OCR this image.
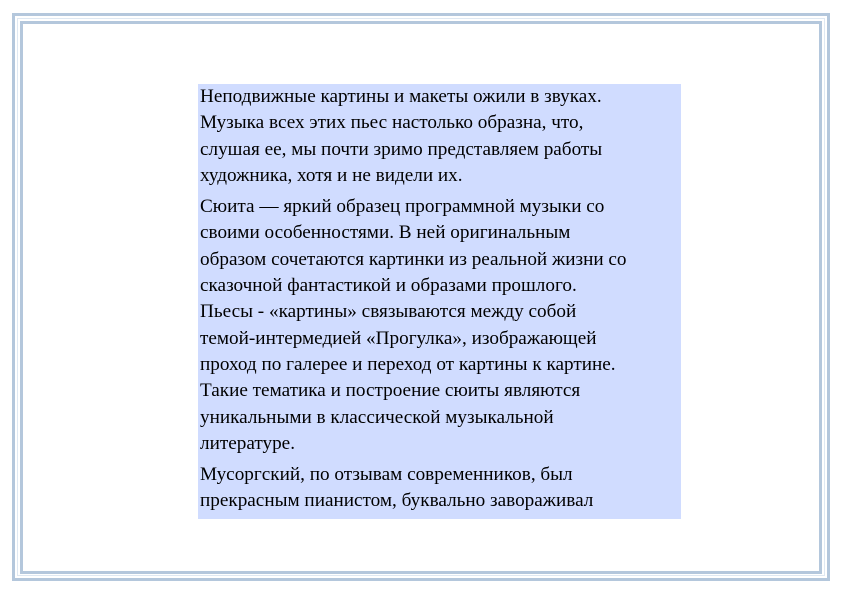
Неподвижные картины и макеты ожили в звуках.
Музыка всех этих пьес настолько образна, что,
слушая ее, мы почти зримо представляем работы
художника, хотя и не видели их.

Сюита — яркий образец программной музыки со
своими особенностями. В ней оригинальным
образом сочетаются картинки из реальной жизни со
сказочной фантастикой и образами прошлого.
Пьесы - «картины» связываются между собой
темой-интермедией «Прогулка», изображающей
проход по галерее и переход от картины к картине.
Такие тематика и построение сюиты являются
уникальными в классической музыкальной
литературе.

Мусоргский, по отзывам современников, был
прекрасным пианистом, буквально завораживал
